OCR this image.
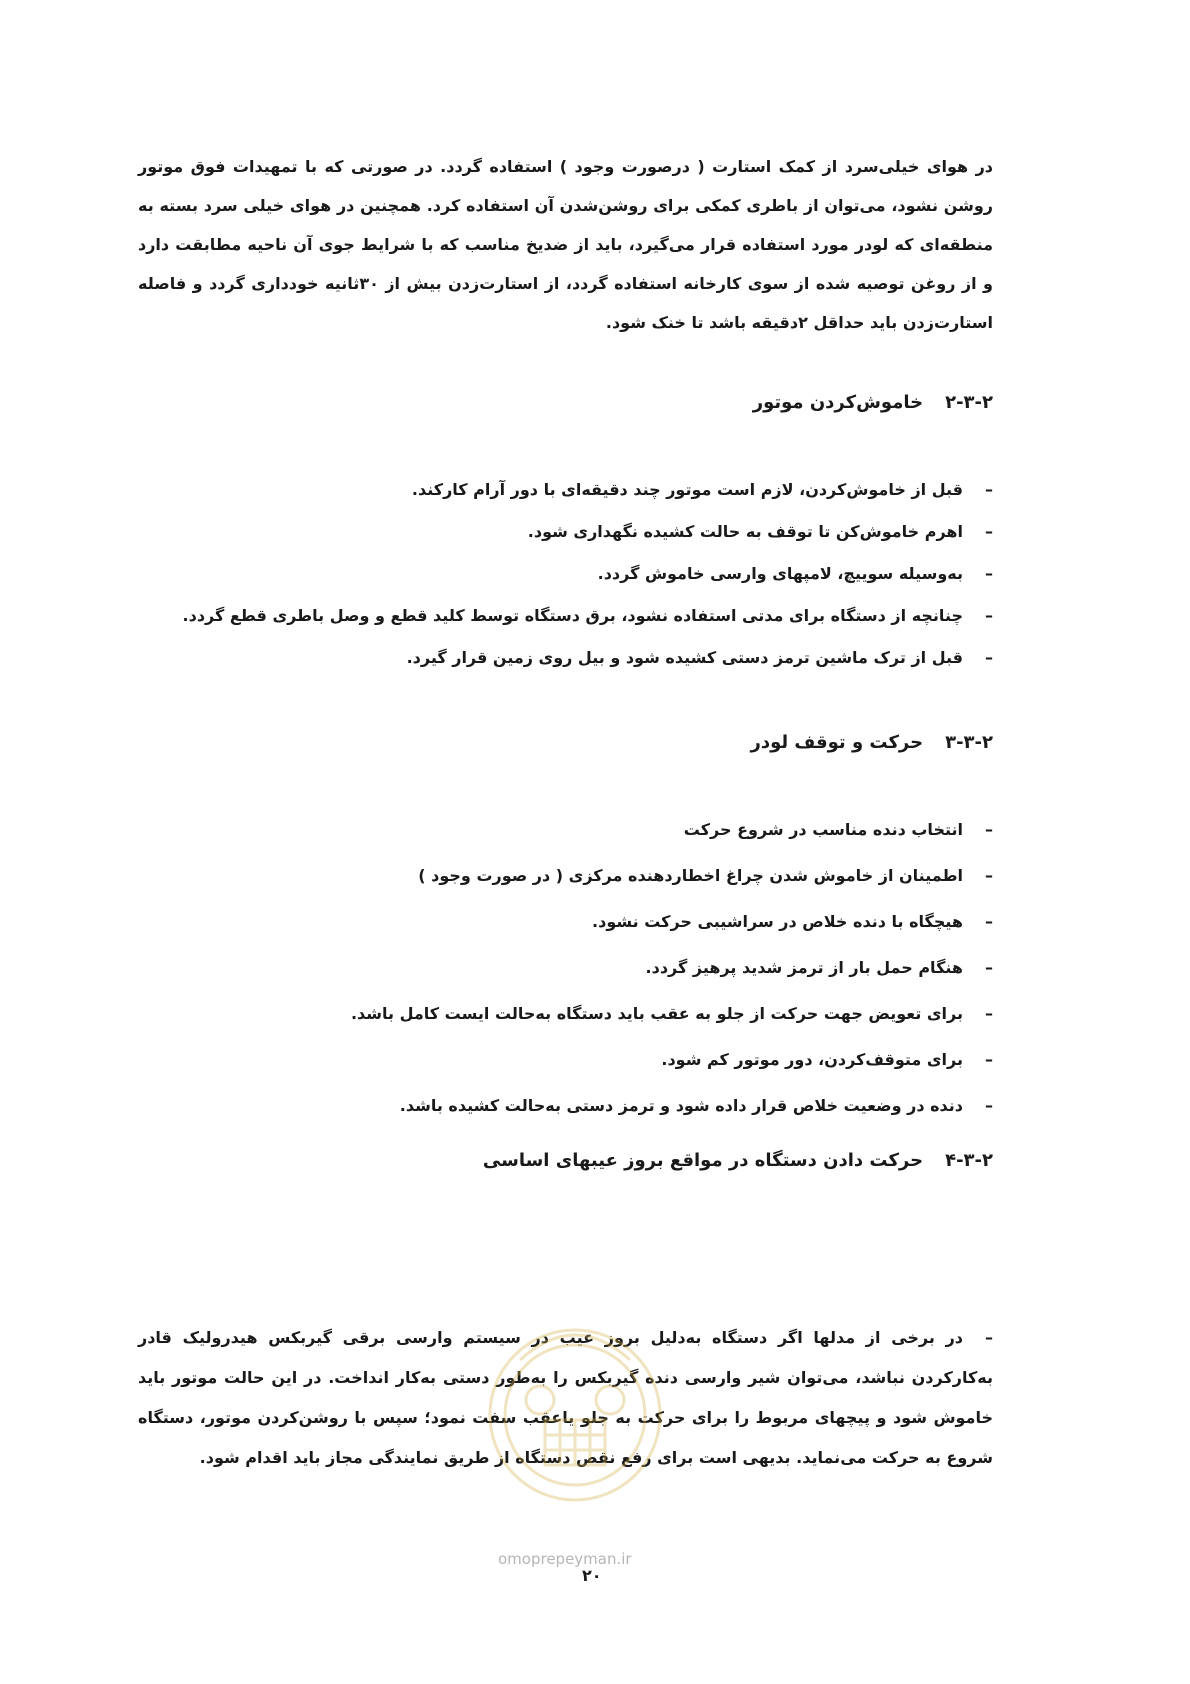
در هوای خیلی‌سرد از کمک استارت ( درصورت وجود ) استفاده گردد. در صورتی که با تمهیدات فوق موتور روشن نشود، می‌توان از باطری کمکی برای روشن‌شدن آن استفاده کرد. همچنین در هوای خیلی سرد بسته به منطقه‌ای که لودر مورد استفاده قرار می‌گیرد، باید از ضدیخ مناسب که با شرایط جوی آن ناحیه مطابقت دارد و از روغن توصیه شده از سوی کارخانه استفاده گردد، از استارت‌زدن بیش از ۳۰ثانیه خودداری گردد و فاصله استارت‌زدن باید حداقل ۲دقیقه باشد تا خنک شود.

۲-۳-۲خاموش‌کردن موتور
–قبل از خاموش‌کردن، لازم است موتور چند دقیقه‌ای با دور آرام کارکند.
–اهرم خاموش‌کن تا توقف به حالت کشیده نگهداری شود.
–به‌وسیله سوییچ، لامپهای وارسی خاموش گردد.
–چنانچه از دستگاه برای مدتی استفاده نشود، برق دستگاه توسط کلید قطع و وصل باطری قطع گردد.
–قبل از ترک ماشین ترمز دستی کشیده شود و بیل روی زمین قرار گیرد.
۳-۳-۲حرکت و توقف لودر
–انتخاب دنده مناسب در شروع حرکت
–اطمینان از خاموش شدن چراغ اخطاردهنده مرکزی ( در صورت وجود )
–هیچگاه با دنده خلاص در سراشیبی حرکت نشود.
–هنگام حمل بار از ترمز شدید پرهیز گردد.
–برای تعویض جهت حرکت از جلو به عقب باید دستگاه به‌حالت ایست کامل باشد.
–برای متوقف‌کردن، دور موتور کم شود.
–دنده در وضعیت خلاص قرار داده شود و ترمز دستی به‌حالت کشیده باشد.
۴-۳-۲حرکت دادن دستگاه در مواقع بروز عیبهای اساسی

–در برخی از مدلها اگر دستگاه به‌دلیل بروز عیب در سیستم وارسی برقی گیربکس هیدرولیک قادر به‌کارکردن نباشد، می‌توان شیر وارسی دنده گیربکس را به‌طور دستی به‌کار انداخت. در این حالت موتور باید خاموش شود و پیچهای مربوط را برای حرکت به جلو یاعقب سفت نمود؛ سپس با روشن‌کردن موتور، دستگاه شروع به حرکت می‌نماید. بدیهی است برای رفع نقص دستگاه از طریق نمایندگی مجاز باید اقدام شود.

omoprepeyman.ir
۲۰
